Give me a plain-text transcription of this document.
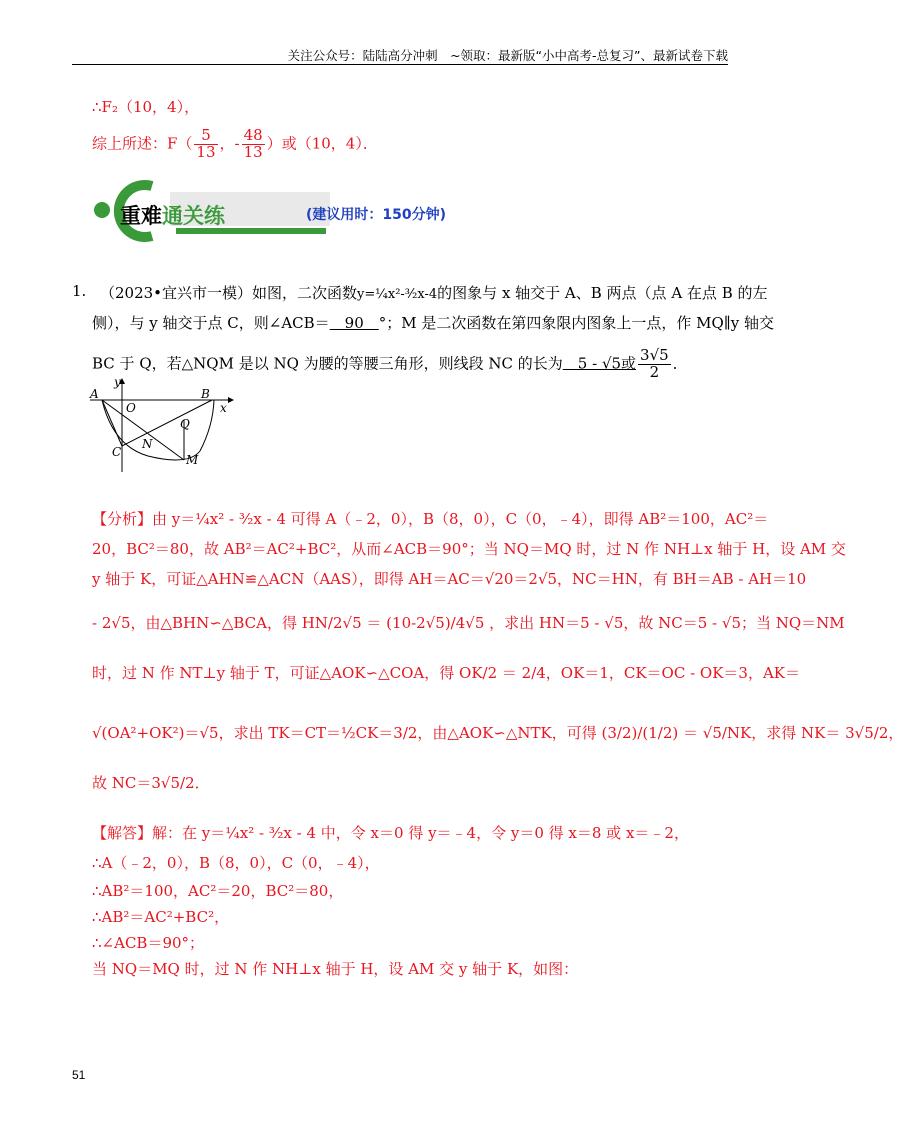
关注公众号：陆陆高分冲刺　~领取：最新版“小中高考-总复习”、最新试卷下载
∴F₂（10，4），
综上所述：$F( \frac{5}{13}$ ，- $\frac{48}{13}$ ）或（10，4）．
重难通关练	(建议用时：150分钟)
1. （2023•宜兴市一模）如图，二次函数y=¼x²-³⁄₂x-4的图象与 x 轴交于 A、B 两点（点 A 在点 B 的左
侧），与 y 轴交于点 C，则∠ACB＝　90　°；M 是二次函数在第四象限内图象上一点，作 MQ∥y 轴交
BC 于 Q，若△NQM 是以 NQ 为腰的等腰三角形，则线段 NC 的长为　5 - √5或 $\frac{3√5}{2}$ ．
A	B
C
O
N
Q
M
x
y
【分析】由 y＝¼x² - ³⁄₂x - 4 可得 A（﹣2，0），B（8，0），C（0，﹣4），即得 AB²＝100，AC²＝
20，BC²＝80，故 AB²＝AC²+BC²，从而∠ACB＝90°；当 NQ＝MQ 时，过 N 作 NH⊥x 轴于 H，设 AM 交
y 轴于 K，可证△AHN≌△ACN（AAS），即得 AH＝AC＝√20＝2√5，NC＝HN，有 BH＝AB - AH＝10
- 2√5，由△BHN∽△BCA，得 HN/2√5 ＝ (10-2√5)/4√5 ，求出 HN＝5 - √5，故 NC＝5 - √5；当 NQ＝NM
时，过 N 作 NT⊥y 轴于 T，可证△AOK∽△COA，得 OK/2 ＝ 2/4，OK＝1，CK＝OC - OK＝3，AK＝
√(OA²+OK²)＝√5，求出 TK＝CT＝½CK＝3/2，由△AOK∽△NTK，可得 (3/2)/(1/2) ＝ √5/NK，求得 NK＝ 3√5/2，
故 NC＝3√5/2．
【解答】解：在 y＝¼x² - ³⁄₂x - 4 中，令 x＝0 得 y＝﹣4，令 y＝0 得 x＝8 或 x＝﹣2，
∴A（﹣2，0），B（8，0），C（0，﹣4），
∴AB²＝100，AC²＝20，BC²＝80，
∴AB²＝AC²+BC²，
∴∠ACB＝90°；
当 NQ＝MQ 时，过 N 作 NH⊥x 轴于 H，设 AM 交 y 轴于 K，如图：
51
